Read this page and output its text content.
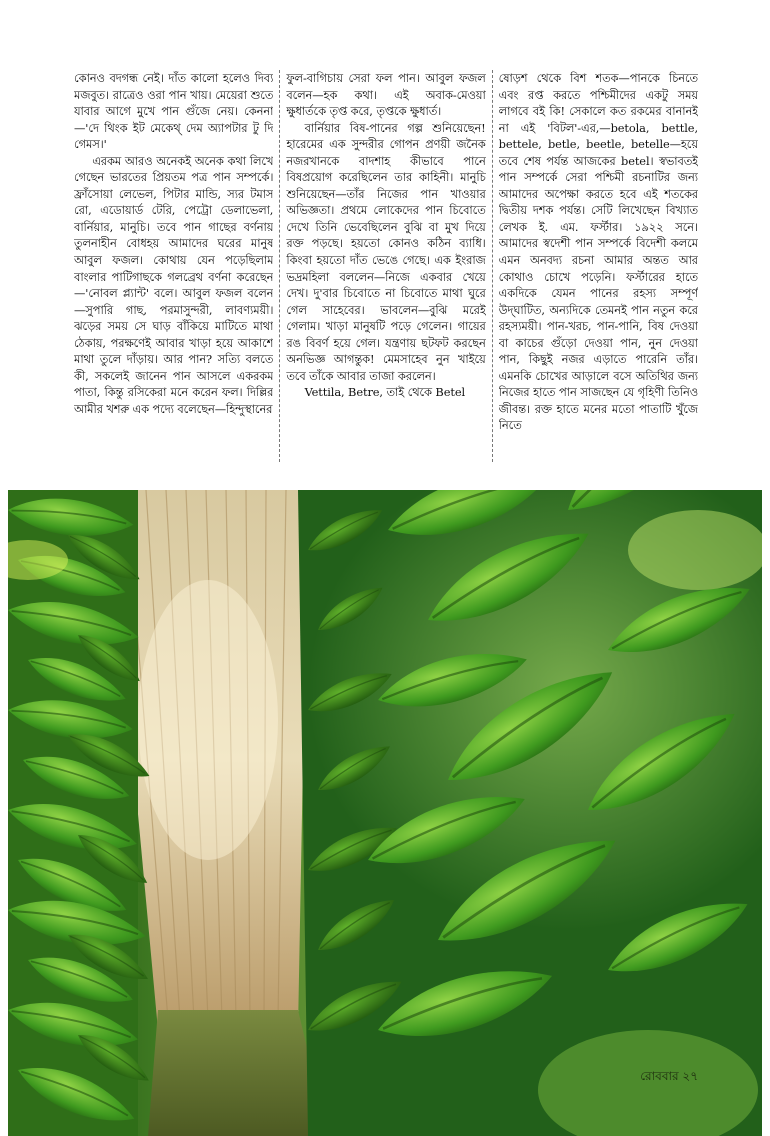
কোনও বদগন্ধ নেই। দাঁত কালো হলেও দিব্য মজবুত। রাত্রেও ওরা পান খায়। মেয়েরা শুতে যাবার আগে মুখে পান গুঁজে নেয়। কেননা—'দে থিংক ইট মেকেথ্ দেম অ্যাপটার টু দি গেমস।'

এরকম আরও অনেকই অনেক কথা লিখে গেছেন ভারতের প্রিয়তম পত্র পান সম্পর্কে। ফ্রাঁসোয়া লেভেল, পিটার মান্ডি, স্যর টমাস রো, এডোয়ার্ড টেরি, পেট্রো ডেলাভেলা, বার্নিয়ার, মানুচি। তবে পান গাছের বর্ণনায় তুলনাহীন বোধহয় আমাদের ঘরের মানুষ আবুল ফজল। কোথায় যেন পড়েছিলাম বাংলার পাটিগাছকে গলব্রেথ বর্ণনা করেছেন—'নোবল প্ল্যান্ট' বলে। আবুল ফজল বলেন—সুপারি গাছ, পরমাসুন্দরী, লাবণ্যময়ী। ঝড়ের সময় সে ঘাড় বাঁকিয়ে মাটিতে মাথা ঠেকায়, পরক্ষণেই আবার খাড়া হয়ে আকাশে মাথা তুলে দাঁড়ায়। আর পান? সত্যি বলতে কী, সকলেই জানেন পান আসলে একরকম পাতা, কিন্তু রসিকেরা মনে করেন ফল। দিল্লির আমীর খশরু এক পদ্যে বলেছেন—হিন্দুস্থানের

ফুল-বাগিচায় সেরা ফল পান। আবুল ফজল বলেন—হক কথা। এই অবাক-মেওয়া ক্ষুধার্তকে তৃপ্ত করে, তৃপ্তকে ক্ষুধার্ত।

বার্নিয়ার বিষ-পানের গল্প শুনিয়েছেন! হারেমের এক সুন্দরীর গোপন প্রণয়ী জনৈক নজরখানকে বাদশাহ কীভাবে পানে বিষপ্রয়োগ করেছিলেন তার কাহিনী। মানুচি শুনিয়েছেন—তাঁর নিজের পান খাওয়ার অভিজ্ঞতা। প্রথমে লোকেদের পান চিবোতে দেখে তিনি ভেবেছিলেন বুঝি বা মুখ দিয়ে রক্ত পড়ছে। হয়তো কোনও কঠিন ব্যাধি। কিংবা হয়তো দাঁত ভেঙে গেছে। এক ইংরাজ ভদ্রমহিলা বললেন—নিজে একবার খেয়ে দেখ। দু'বার চিবোতে না চিবোতে মাথা ঘুরে গেল সাহেবের। ভাবলেন—বুঝি মরেই গেলাম। খাড়া মানুষটি পড়ে গেলেন। গায়ের রঙ বিবর্ণ হয়ে গেল। যন্ত্রণায় ছটফট করছেন অনভিজ্ঞ আগন্তুক! মেমসাহেব নুন খাইয়ে তবে তাঁকে আবার তাজা করলেন।

Vettila, Betre, তাই থেকে Betel

ষোড়শ থেকে বিশ শতক—পানকে চিনতে এবং রপ্ত করতে পশ্চিমীদের একটু সময় লাগবে বই কি! সেকালে কত রকমের বানানই না এই 'বিটল'-এর,—betola, bettle, bettele, betle, beetle, betelle—হয়ে তবে শেষ পর্যন্ত আজকের betel। স্বভাবতই পান সম্পর্কে সেরা পশ্চিমী রচনাটির জন্য আমাদের অপেক্ষা করতে হবে এই শতকের দ্বিতীয় দশক পর্যন্ত। সেটি লিখেছেন বিখ্যাত লেখক ই. এম. ফর্স্টার। ১৯২২ সনে। আমাদের স্বদেশী পান সম্পর্কে বিদেশী কলমে এমন অনবদ্য রচনা আমার অন্তত আর কোথাও চোখে পড়েনি। ফর্স্টারের হাতে একদিকে যেমন পানের রহস্য সম্পূর্ণ উদ্‌ঘাটিত, অন্যদিকে তেমনই পান নতুন করে রহস্যময়ী। পান-খরচ, পান-পানি, বিষ দেওয়া বা কাচের গুঁড়ো দেওয়া পান, নুন দেওয়া পান, কিছুই নজর এড়াতে পারেনি তাঁর। এমনকি চোখের আড়ালে বসে অতিথির জন্য নিজের হাতে পান সাজছেন যে গৃহিণী তিনিও জীবন্ত। রক্ত হাতে মনের মতো পাতাটি খুঁজে নিতে

রোববার ২৭
